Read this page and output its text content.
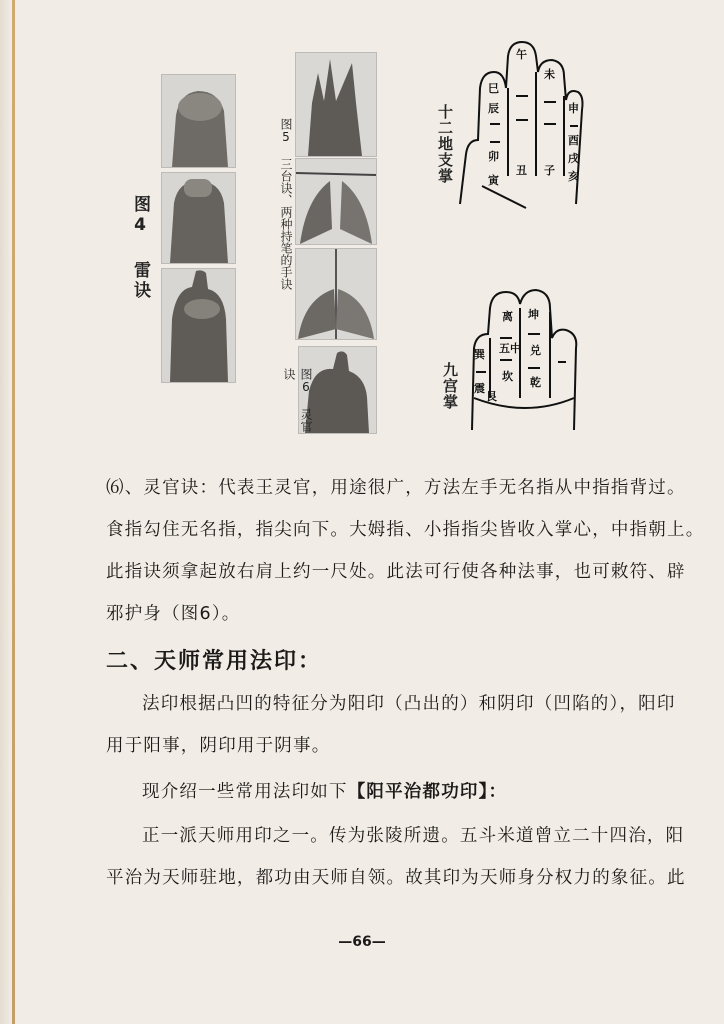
图4 雷诀	图5 三台诀、两种持笔的手诀
图6 灵官诀
午
未
巳
申
辰
酉
卯	戌
寅
丑 子 亥
十二地支掌
离 坤
巽 五中 兑
震
坎 乾
艮
九宫掌
⑹、灵官诀：代表王灵官，用途很广，方法左手无名指从中指指背过。
食指勾住无名指，指尖向下。大姆指、小指指尖皆收入掌心，中指朝上。
此指诀须拿起放右肩上约一尺处。此法可行使各种法事，也可敕符、辟
邪护身（图6）。
二、天师常用法印：
法印根据凸凹的特征分为阳印（凸出的）和阴印（凹陷的），阳印
用于阳事，阴印用于阴事。
现介绍一些常用法印如下【阳平治都功印】：
正一派天师用印之一。传为张陵所遗。五斗米道曾立二十四治，阳
平治为天师驻地，都功由天师自领。故其印为天师身分权力的象征。此
—66—
